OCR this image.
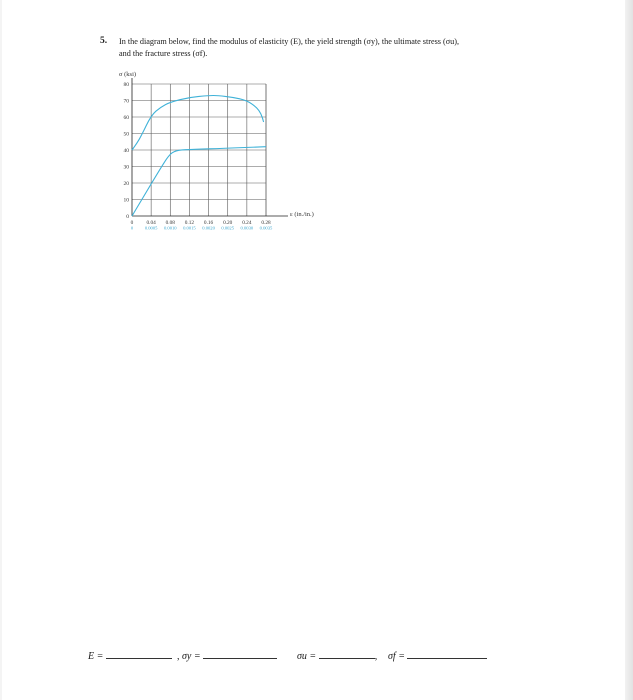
5. In the diagram below, find the modulus of elasticity (E), the yield strength (σy), the ultimate stress (σu),
and the fracture stress (σf).
0
10
20
30
40
50
60
70
80
0 0.04 0.08 0.12 0.16 0.20 0.24 0.28
0	0.0005 0.0010 0.0015 0.0020 0.0025 0.0030 0.0035
σ (ksi)
ε (in./in.)
E =	, σy =	σu =	, σf =
